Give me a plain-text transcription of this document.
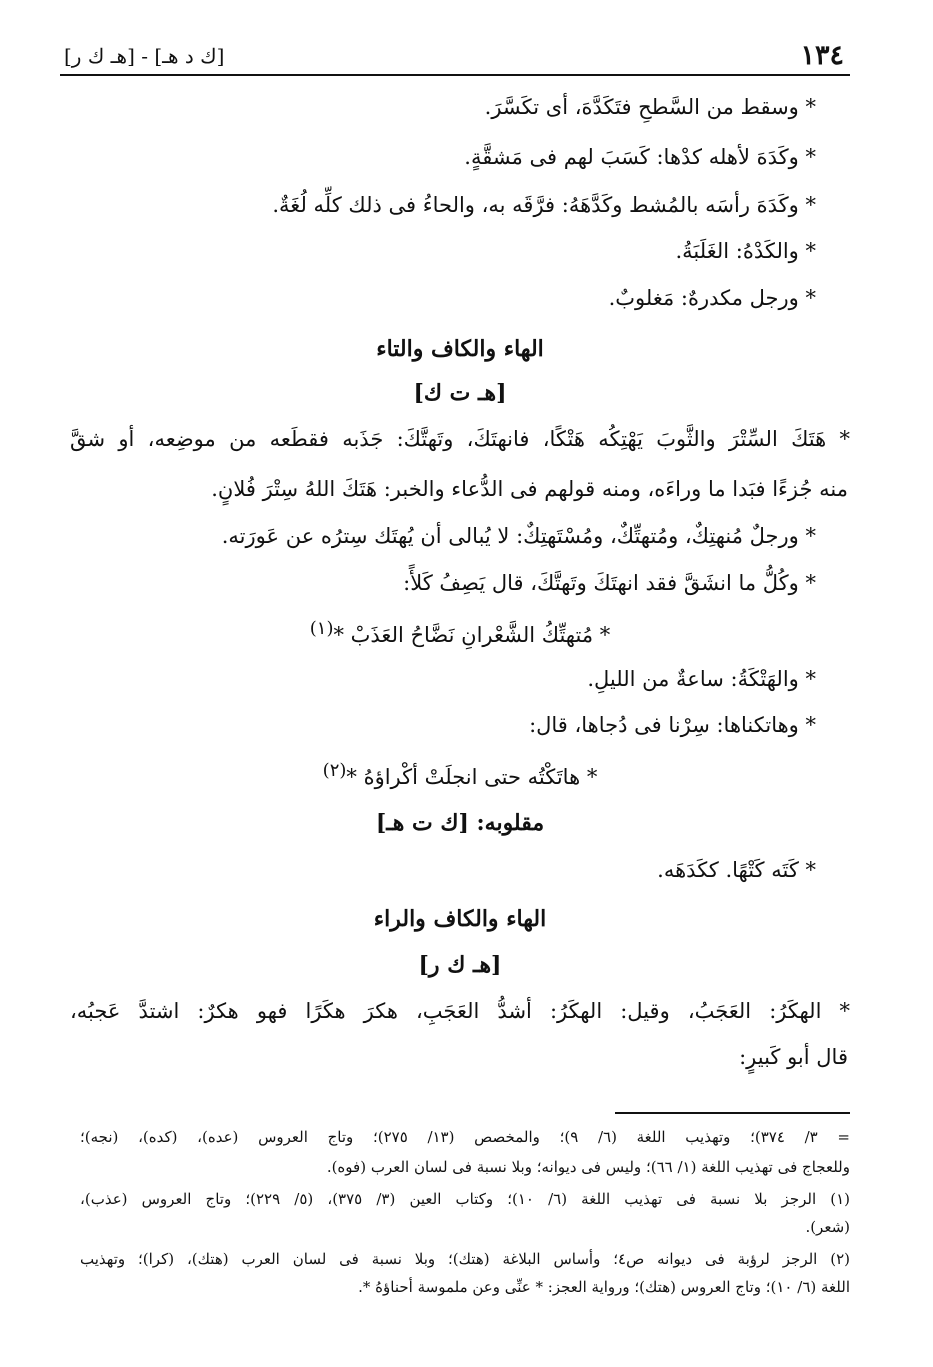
١٣٤
[ك د هـ] - [هـ ك ر]
* وسقط من السَّطحِ فتَكَدَّهَ، أى تكَسَّرَ.
* وكَدَهَ لأهله كدْها: كَسَبَ لهم فى مَشقَّةٍ.
* وكَدَهَ رأسَه بالمُشط وكَدَّهَهُ: فرَّقَه به، والحاءُ فى ذلك كلِّه لُغَةٌ.
* والكَدْهُ: الغَلَبَةُ.
* ورجل مكدرهٌ: مَغلوبٌ.
الهاء والكاف والتاء
[هـ ت ك]
* هَتَكَ السِّتْرَ والثَّوبَ يَهْتِكُه هَتْكًا، فانهتَكَ، وتَهتَّكَ: جَذَبه فقطَعه من موضِعه، أو شقَّ
منه جُزءًا فبَدا ما وراءَه، ومنه قولهم فى الدُّعاء والخبر: هَتَكَ اللهُ سِتْرَ فُلانٍ.
* ورجلٌ مُنهتِكٌ، ومُتهتِّكٌ، ومُسْتَهتِكٌ: لا يُبالى أن يُهتَك سِترُه عن عَورَته.
* وكُلُّ ما انشَقَّ فقد انهتَكَ وتَهتَّكَ، قال يَصِفُ كَلأً:
* مُتهتِّكُ الشَّعْرانِ نَضَّاحُ العَذَبْ *$^{(١)}$
* والهَتْكَةُ: ساعةٌ من الليلِ.
* وهاتكناها: سِرْنا فى دُجاها، قال:
* هاتَكْتُه حتى انجلَتْ أكْراؤهُ *$^{(٢)}$
مقلوبه: [ك ت هـ]
* كَتَه كَتْهًا. ككَدَهَه.
الهاء والكاف والراء
[هـ ك ر]
* الهكَرُ: العَجَبُ، وقيل: الهكَرُ: أشدُّ العَجَبِ، هكرَ هكَرًا فهو هكرٌ: اشتدَّ عَجبُه،
قال أبو كَبيرٍ:
= ٣/ ٣٧٤)؛ وتهذيب اللغة (٦/ ٩)؛ والمخصص (١٣/ ٢٧٥)؛ وتاج العروس (عده)، (كده)، (نجه)؛
وللعجاج فى تهذيب اللغة (١/ ٦٦)؛ وليس فى ديوانه؛ وبلا نسبة فى لسان العرب (فوه).
(١) الرجز بلا نسبة فى تهذيب اللغة (٦/ ١٠)؛ وكتاب العين (٣/ ٣٧٥)، (٥/ ٢٢٩)؛ وتاج العروس (عذب)،
(شعر).
(٢) الرجز لرؤبة فى ديوانه ص٤؛ وأساس البلاغة (هتك)؛ وبلا نسبة فى لسان العرب (هتك)، (كرا)؛ وتهذيب
اللغة (٦/ ١٠)؛ وتاج العروس (هتك)؛ ورواية العجز: * عنِّى وعن ملموسة أحناؤهُ *.
